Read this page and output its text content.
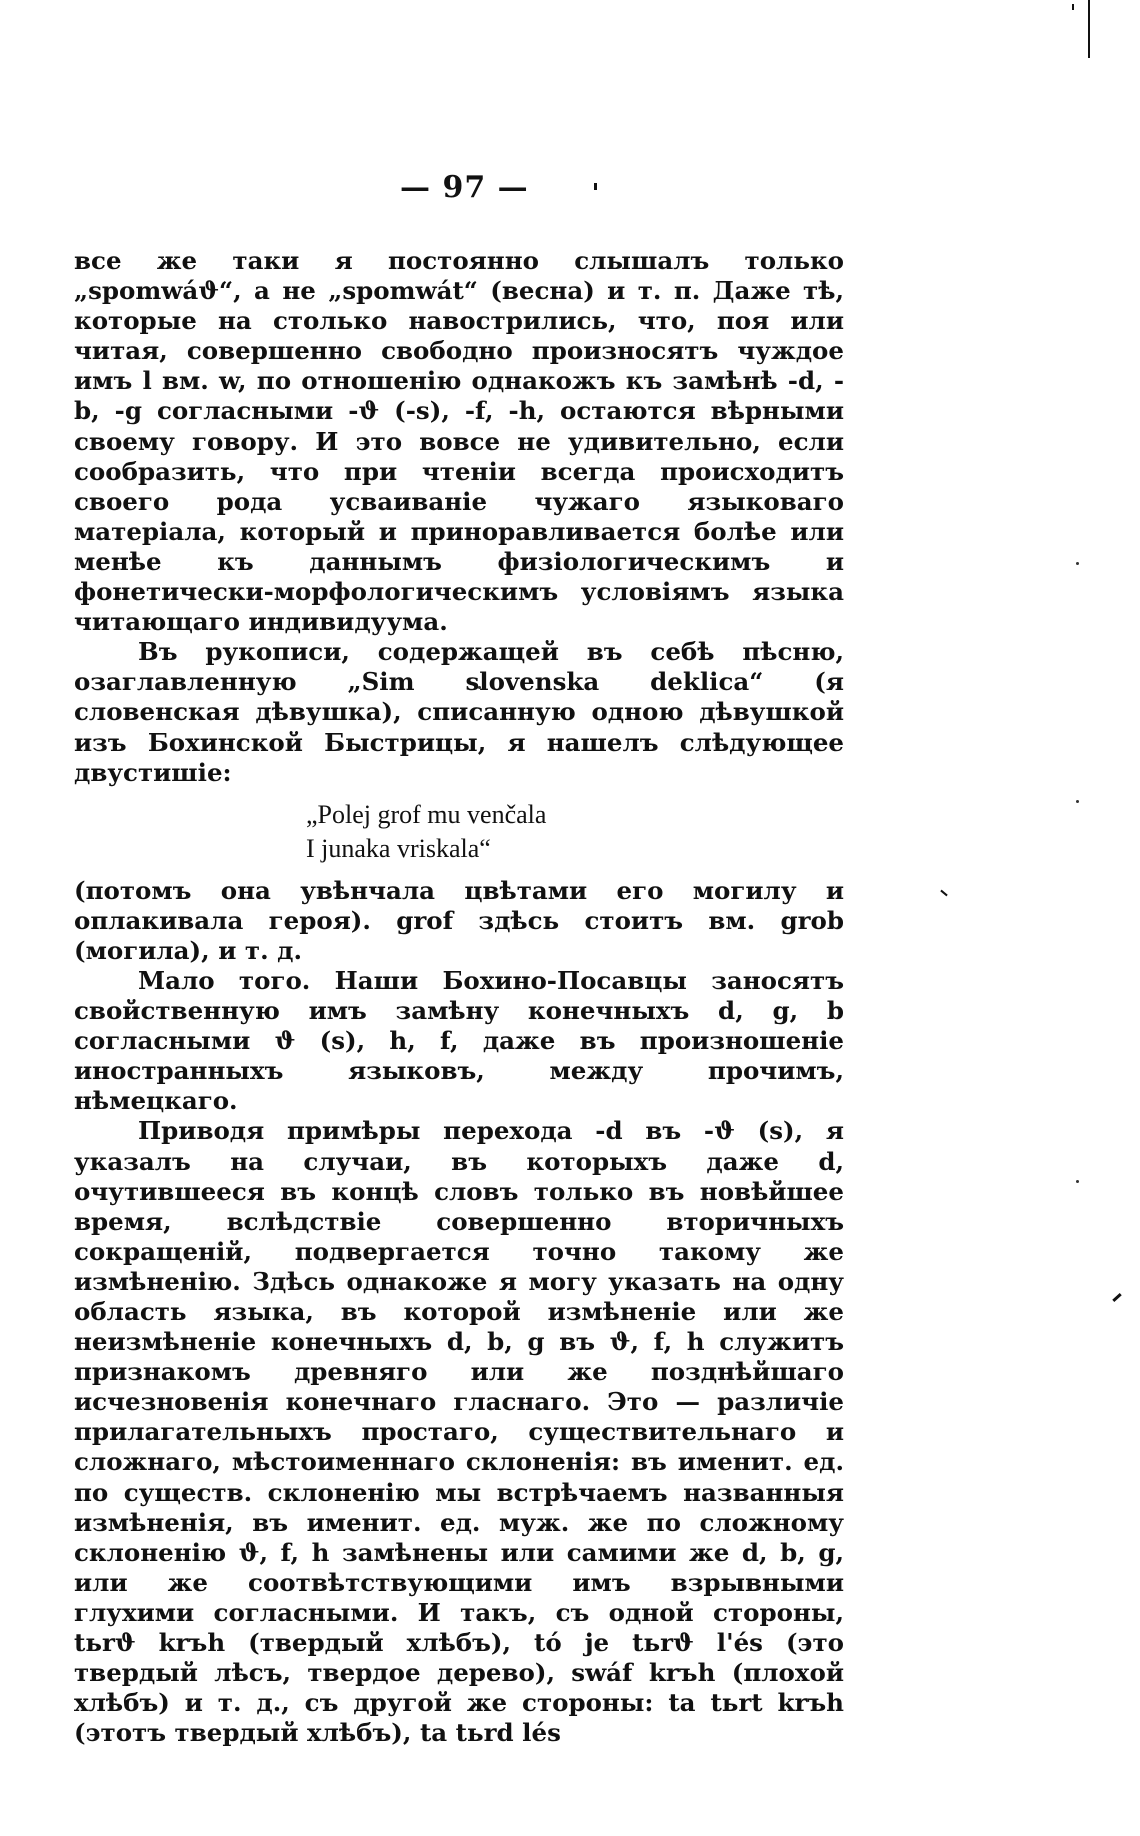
— 97 —

все же таки я постоянно слышалъ только „spomwáϑ“, а не „spomwát“ (весна) и т. п. Даже тѣ, которые на столько навострились, что, поя или читая, совершенно свободно произносятъ чуждое имъ l вм. w, по отношенію однакожъ къ замѣнѣ -d, -b, -g согласными -ϑ (-s), -f, -h, остаются вѣрными своему говору. И это вовсе не удивительно, если сообразить, что при чтеніи всегда происходитъ своего рода усваиваніе чужаго языковаго матеріала, который и приноравливается болѣе или менѣе къ даннымъ физіологическимъ и фонетически-морфологическимъ условіямъ языка читающаго индивидуума.

Въ рукописи, содержащей въ себѣ пѣсню, озаглавленную „Sim slovenska deklica“ (я словенская дѣвушка), списанную одною дѣвушкой изъ Бохинской Быстрицы, я нашелъ слѣдующее двустишіе:

„Polej grof mu venčala
I junaka vriskala“

(потомъ она увѣнчала цвѣтами его могилу и оплакивала героя). grof здѣсь стоитъ вм. grob (могила), и т. д.

Мало того. Наши Бохино-Посавцы заносятъ свойственную имъ замѣну конечныхъ d, g, b согласными ϑ (s), h, f, даже въ произношеніе иностранныхъ языковъ, между прочимъ, нѣмецкаго.

Приводя примѣры перехода -d въ -ϑ (s), я указалъ на случаи, въ которыхъ даже d, очутившееся въ концѣ словъ только въ новѣйшее время, вслѣдствіе совершенно вторичныхъ сокращеній, подвергается точно такому же измѣненію. Здѣсь однакоже я могу указать на одну область языка, въ которой измѣненіе или же неизмѣненіе конечныхъ d, b, g въ ϑ, f, h служитъ признакомъ древняго или же позднѣйшаго исчезновенія конечнаго гласнаго. Это — различіе прилагательныхъ простаго, существительнаго и сложнаго, мѣстоименнаго склоненія: въ именит. ед. по существ. склоненію мы встрѣчаемъ названныя измѣненія, въ именит. ед. муж. же по сложному склоненію ϑ, f, h замѣнены или самими же d, b, g, или же соотвѣтствующими имъ взрывными глухими согласными. И такъ, съ одной стороны, tьrϑ krъh (твердый хлѣбъ), tó je tьrϑ l'és (это твердый лѣсъ, твердое дерево), swáf krъh (плохой хлѣбъ) и т. д., съ другой же стороны: ta tьrt krъh (этотъ твердый хлѣбъ), ta tьrd lés
